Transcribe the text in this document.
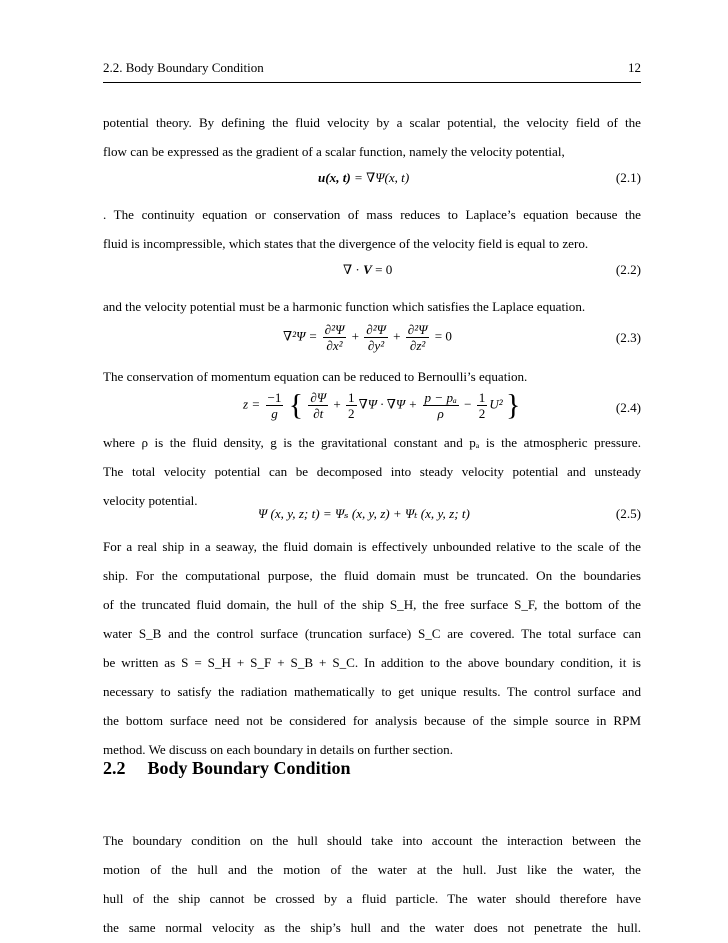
2.2. Body Boundary Condition	12
potential theory. By defining the fluid velocity by a scalar potential, the velocity field of the
flow can be expressed as the gradient of a scalar function, namely the velocity potential,
u(x, t) = ∇Ψ(x, t)	(2.1)
. The continuity equation or conservation of mass reduces to Laplace’s equation because the
fluid is incompressible, which states that the divergence of the velocity field is equal to zero.
∇ · V = 0	(2.2)
and the velocity potential must be a harmonic function which satisfies the Laplace equation.
$\nabla^2\Psi = \frac{\text{∂²Ψ}}{\text{∂x²}} + \frac{\text{∂²Ψ}}{\text{∂y²}} + \frac{\text{∂²Ψ}}{\text{∂z²}} = 0$	(2.3)
The conservation of momentum equation can be reduced to Bernoulli’s equation.
$z = \frac{-1}{g}$ { $\frac{\partial\Psi}{\partial t} + \frac{1}{2} \nabla\Psi \cdot \nabla\Psi + \frac{\text{p − pₐ}}{\rho} - \frac{1}{2} U^2$ }	(2.4)
where ρ is the fluid density, g is the gravitational constant and pₐ is the atmospheric pressure.
The total velocity potential can be decomposed into steady velocity potential and unsteady
velocity potential.
Ψ (x, y, z; t) = Ψₛ (x, y, z) + Ψₜ (x, y, z; t)	(2.5)
For a real ship in a seaway, the fluid domain is effectively unbounded relative to the scale of the
ship. For the computational purpose, the fluid domain must be truncated. On the boundaries
of the truncated fluid domain, the hull of the ship S_H, the free surface S_F, the bottom of the
water S_B and the control surface (truncation surface) S_C are covered. The total surface can
be written as S = S_H + S_F + S_B + S_C. In addition to the above boundary condition, it is
necessary to satisfy the radiation mathematically to get unique results. The control surface and
the bottom surface need not be considered for analysis because of the simple source in RPM
method. We discuss on each boundary in details on further section.
2.2 Body Boundary Condition
The boundary condition on the hull should take into account the interaction between the
motion of the hull and the motion of the water at the hull. Just like the water, the
hull of the ship cannot be crossed by a fluid particle. The water should therefore have
the same normal velocity as the ship’s hull and the water does not penetrate the hull.
